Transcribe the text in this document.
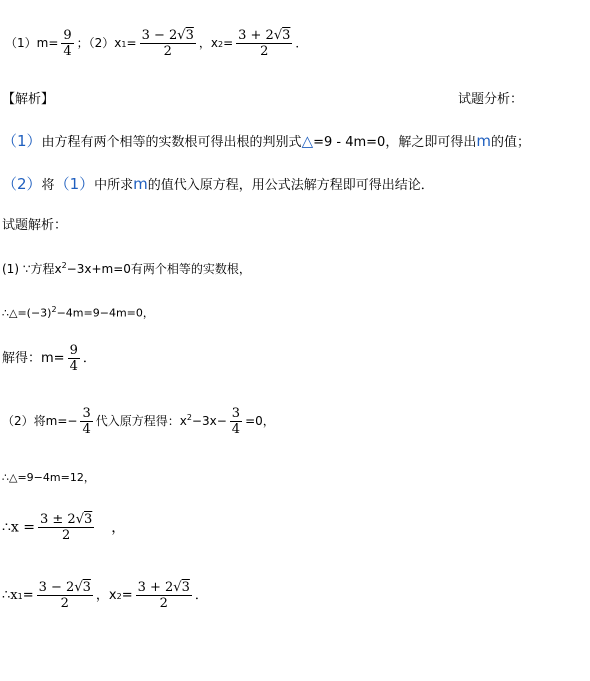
$(1)m= \frac{9}{4}$ ；$(2)x1= \frac{3 - 2√3}{2}$ ，$x2= \frac{3 + 2√3}{2}$ ．
【解析】	试题分析：
（1）由方程有两个相等的实数根可得出根的判别式△=9 - 4m=0，解之即可得出m的值；
（2）将（1）中所求m的值代入原方程，用公式法解方程即可得出结论．
试题解析：
(1) ∵方程$x^2-3x+m=0$有两个相等的实数根，
$\therefore\triangle=(-3)^2-4m=9-4m=0$，
解得：$m= \frac{9}{4}$ ．
（2）将$m=- \frac{3}{4}$ 代入原方程得：$x^2-3x- \frac{3}{4} =0$，
∴△=9−4m=12，
∴x = $\frac{3 \pm 2√3}{2}$ ，
∴x1= $\frac{3 - 2√3}{2}$ ，$x2= \frac{3 + 2√3}{2}$ ．
